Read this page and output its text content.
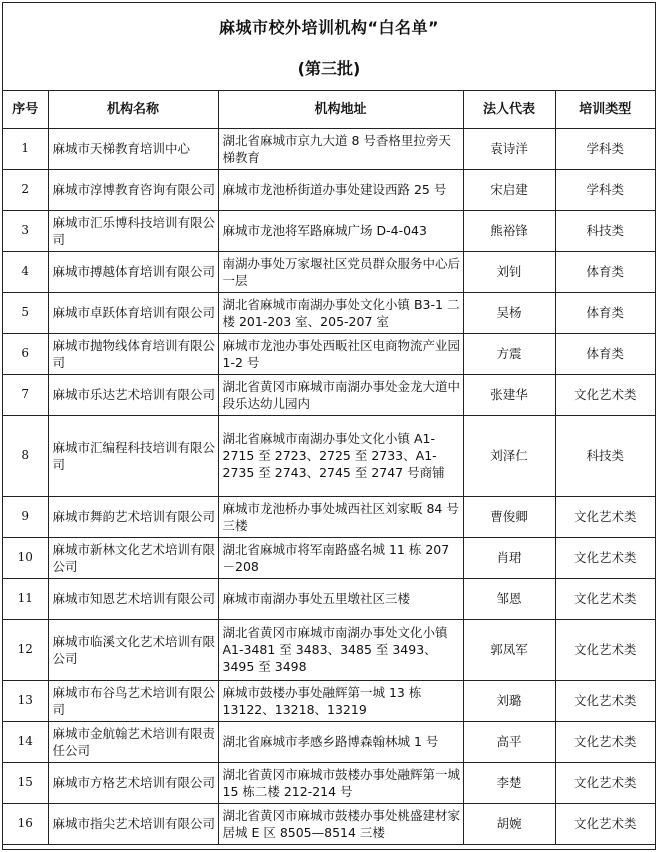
麻城市校外培训机构“白名单”
(第三批)
序号	机构名称	机构地址	法人代表	培训类型
1	麻城市天梯教育培训中心	湖北省麻城市京九大道 8 号香格里拉旁天梯教育	袁诗洋	学科类
2	麻城市淳博教育咨询有限公司	麻城市龙池桥街道办事处建设西路 25 号	宋启建	学科类
3	麻城市汇乐博科技培训有限公司	麻城市龙池将军路麻城广场 D-4-043	熊裕锋	科技类
4	麻城市搏越体育培训有限公司	南湖办事处万家堰社区党员群众服务中心后一层	刘钊	体育类
5	麻城市卓跃体育培训有限公司	湖北省麻城市南湖办事处文化小镇 B3-1 二楼 201-203 室、205-207 室	吴杨	体育类
6	麻城市抛物线体育培训有限公司	麻城市龙池办事处西畈社区电商物流产业园 1-2 号	方震	体育类
7	麻城市乐达艺术培训有限公司	湖北省黄冈市麻城市南湖办事处金龙大道中段乐达幼儿园内	张建华	文化艺术类
8	麻城市汇编程科技培训有限公司	湖北省麻城市南湖办事处文化小镇 A1-2715 至 2723、2725 至 2733、A1-2735 至 2743、2745 至 2747 号商铺	刘泽仁	科技类
9	麻城市舞韵艺术培训有限公司	麻城市龙池桥办事处城西社区刘家畈 84 号三楼	曹俊卿	文化艺术类
10	麻城市新林文化艺术培训有限公司	湖北省麻城市将军南路盛名城 11 栋 207－208	肖珺	文化艺术类
11	麻城市知恩艺术培训有限公司	麻城市南湖办事处五里墩社区三楼	邹恩	文化艺术类
12	麻城市临溪文化艺术培训有限公司	湖北省黄冈市麻城市南湖办事处文化小镇 A1-3481 至 3483、3485 至 3493、3495 至 3498	郭凤军	文化艺术类
13	麻城市布谷鸟艺术培训有限公司	麻城市鼓楼办事处融辉第一城 13 栋 13122、13218、13219	刘璐	文化艺术类
14	麻城市金航翰艺术培训有限责任公司	湖北省麻城市孝感乡路博森翰林城 1 号	高平	文化艺术类
15	麻城市方格艺术培训有限公司	湖北省黄冈市麻城市鼓楼办事处融辉第一城 15 栋二楼 212-214 号	李楚	文化艺术类
16	麻城市指尖艺术培训有限公司	湖北省黄冈市麻城市鼓楼办事处桃盛建材家居城 E 区 8505—8514 三楼	胡婉	文化艺术类
